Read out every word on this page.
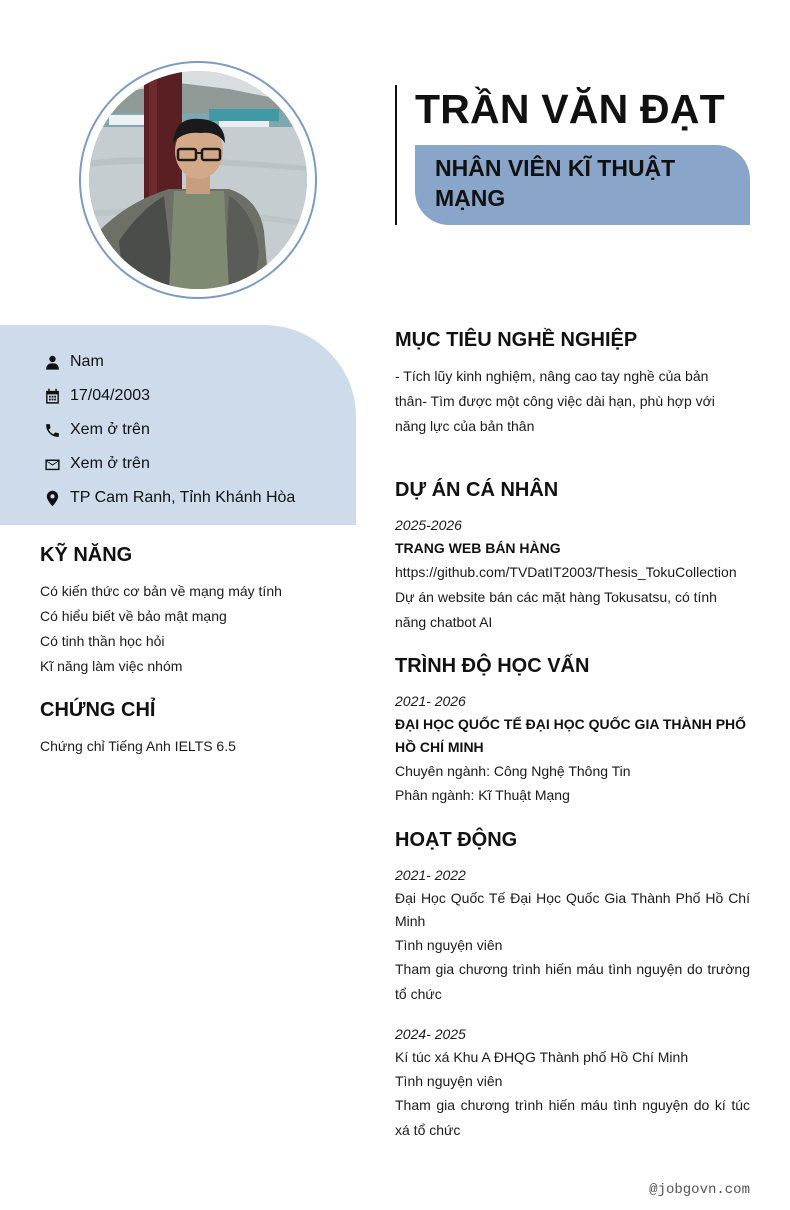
TRẦN VĂN ĐẠT
NHÂN VIÊN KĨ THUẬT MẠNG
Nam
17/04/2003
Xem ở trên
Xem ở trên
TP Cam Ranh, Tỉnh Khánh Hòa
KỸ NĂNG
Có kiến thức cơ bản về mạng máy tính
Có hiểu biết về bảo mật mạng
Có tinh thần học hỏi
Kĩ năng làm việc nhóm
CHỨNG CHỈ
Chứng chỉ Tiếng Anh IELTS 6.5
MỤC TIÊU NGHỀ NGHIỆP
- Tích lũy kinh nghiệm, nâng cao tay nghề của bản thân- Tìm được một công việc dài hạn, phù hợp với năng lực của bản thân
DỰ ÁN CÁ NHÂN
2025-2026
TRANG WEB BÁN HÀNG
https://github.com/TVDatIT2003/Thesis_TokuCollection
Dự án website bán các mặt hàng Tokusatsu, có tính năng chatbot AI
TRÌNH ĐỘ HỌC VẤN
2021- 2026
ĐẠI HỌC QUỐC TẾ ĐẠI HỌC QUỐC GIA THÀNH PHỐ HỒ CHÍ MINH
Chuyên ngành: Công Nghệ Thông Tin
Phân ngành: Kĩ Thuật Mạng
HOẠT ĐỘNG
2021- 2022
Đại Học Quốc Tế Đại Học Quốc Gia Thành Phố Hồ Chí Minh
Tình nguyện viên
Tham gia chương trình hiến máu tình nguyện do trường tổ chức
2024- 2025
Kí túc xá Khu A ĐHQG Thành phố Hồ Chí Minh
Tình nguyện viên
Tham gia chương trình hiến máu tình nguyện do kí túc xá tổ chức
@jobgovn.com
